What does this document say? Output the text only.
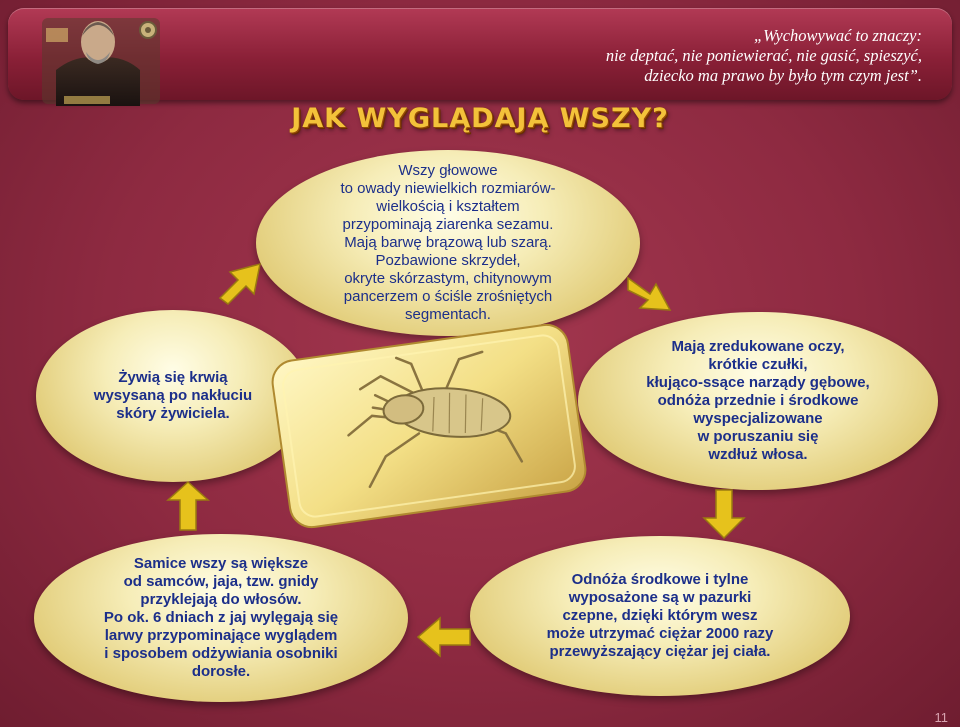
„Wychowywać to znaczy:
nie deptać, nie poniewierać, nie gasić, spieszyć,
dziecko ma prawo by było tym czym jest”.
JAK WYGLĄDAJĄ WSZY?
Wszy głowowe
to owady niewielkich rozmiarów-
wielkością i kształtem
przypominają ziarenka sezamu.
Mają barwę brązową lub szarą.
Pozbawione skrzydeł,
okryte skórzastym, chitynowym
pancerzem o ściśle zrośniętych
segmentach.
Żywią się krwią
wysysaną po nakłuciu
skóry żywiciela.
Mają zredukowane oczy,
krótkie czułki,
kłująco-ssące narządy gębowe,
odnóża przednie i środkowe
wyspecjalizowane
w poruszaniu się
wzdłuż włosa.
Samice wszy są większe
od samców, jaja, tzw. gnidy
przyklejają do włosów.
Po ok. 6 dniach z jaj wylęgają się
larwy przypominające wyglądem
i sposobem odżywiania osobniki
dorosłe.
Odnóża środkowe i tylne
wyposażone są w pazurki
czepne, dzięki którym wesz
może utrzymać ciężar 2000 razy
przewyższający ciężar jej ciała.
11
